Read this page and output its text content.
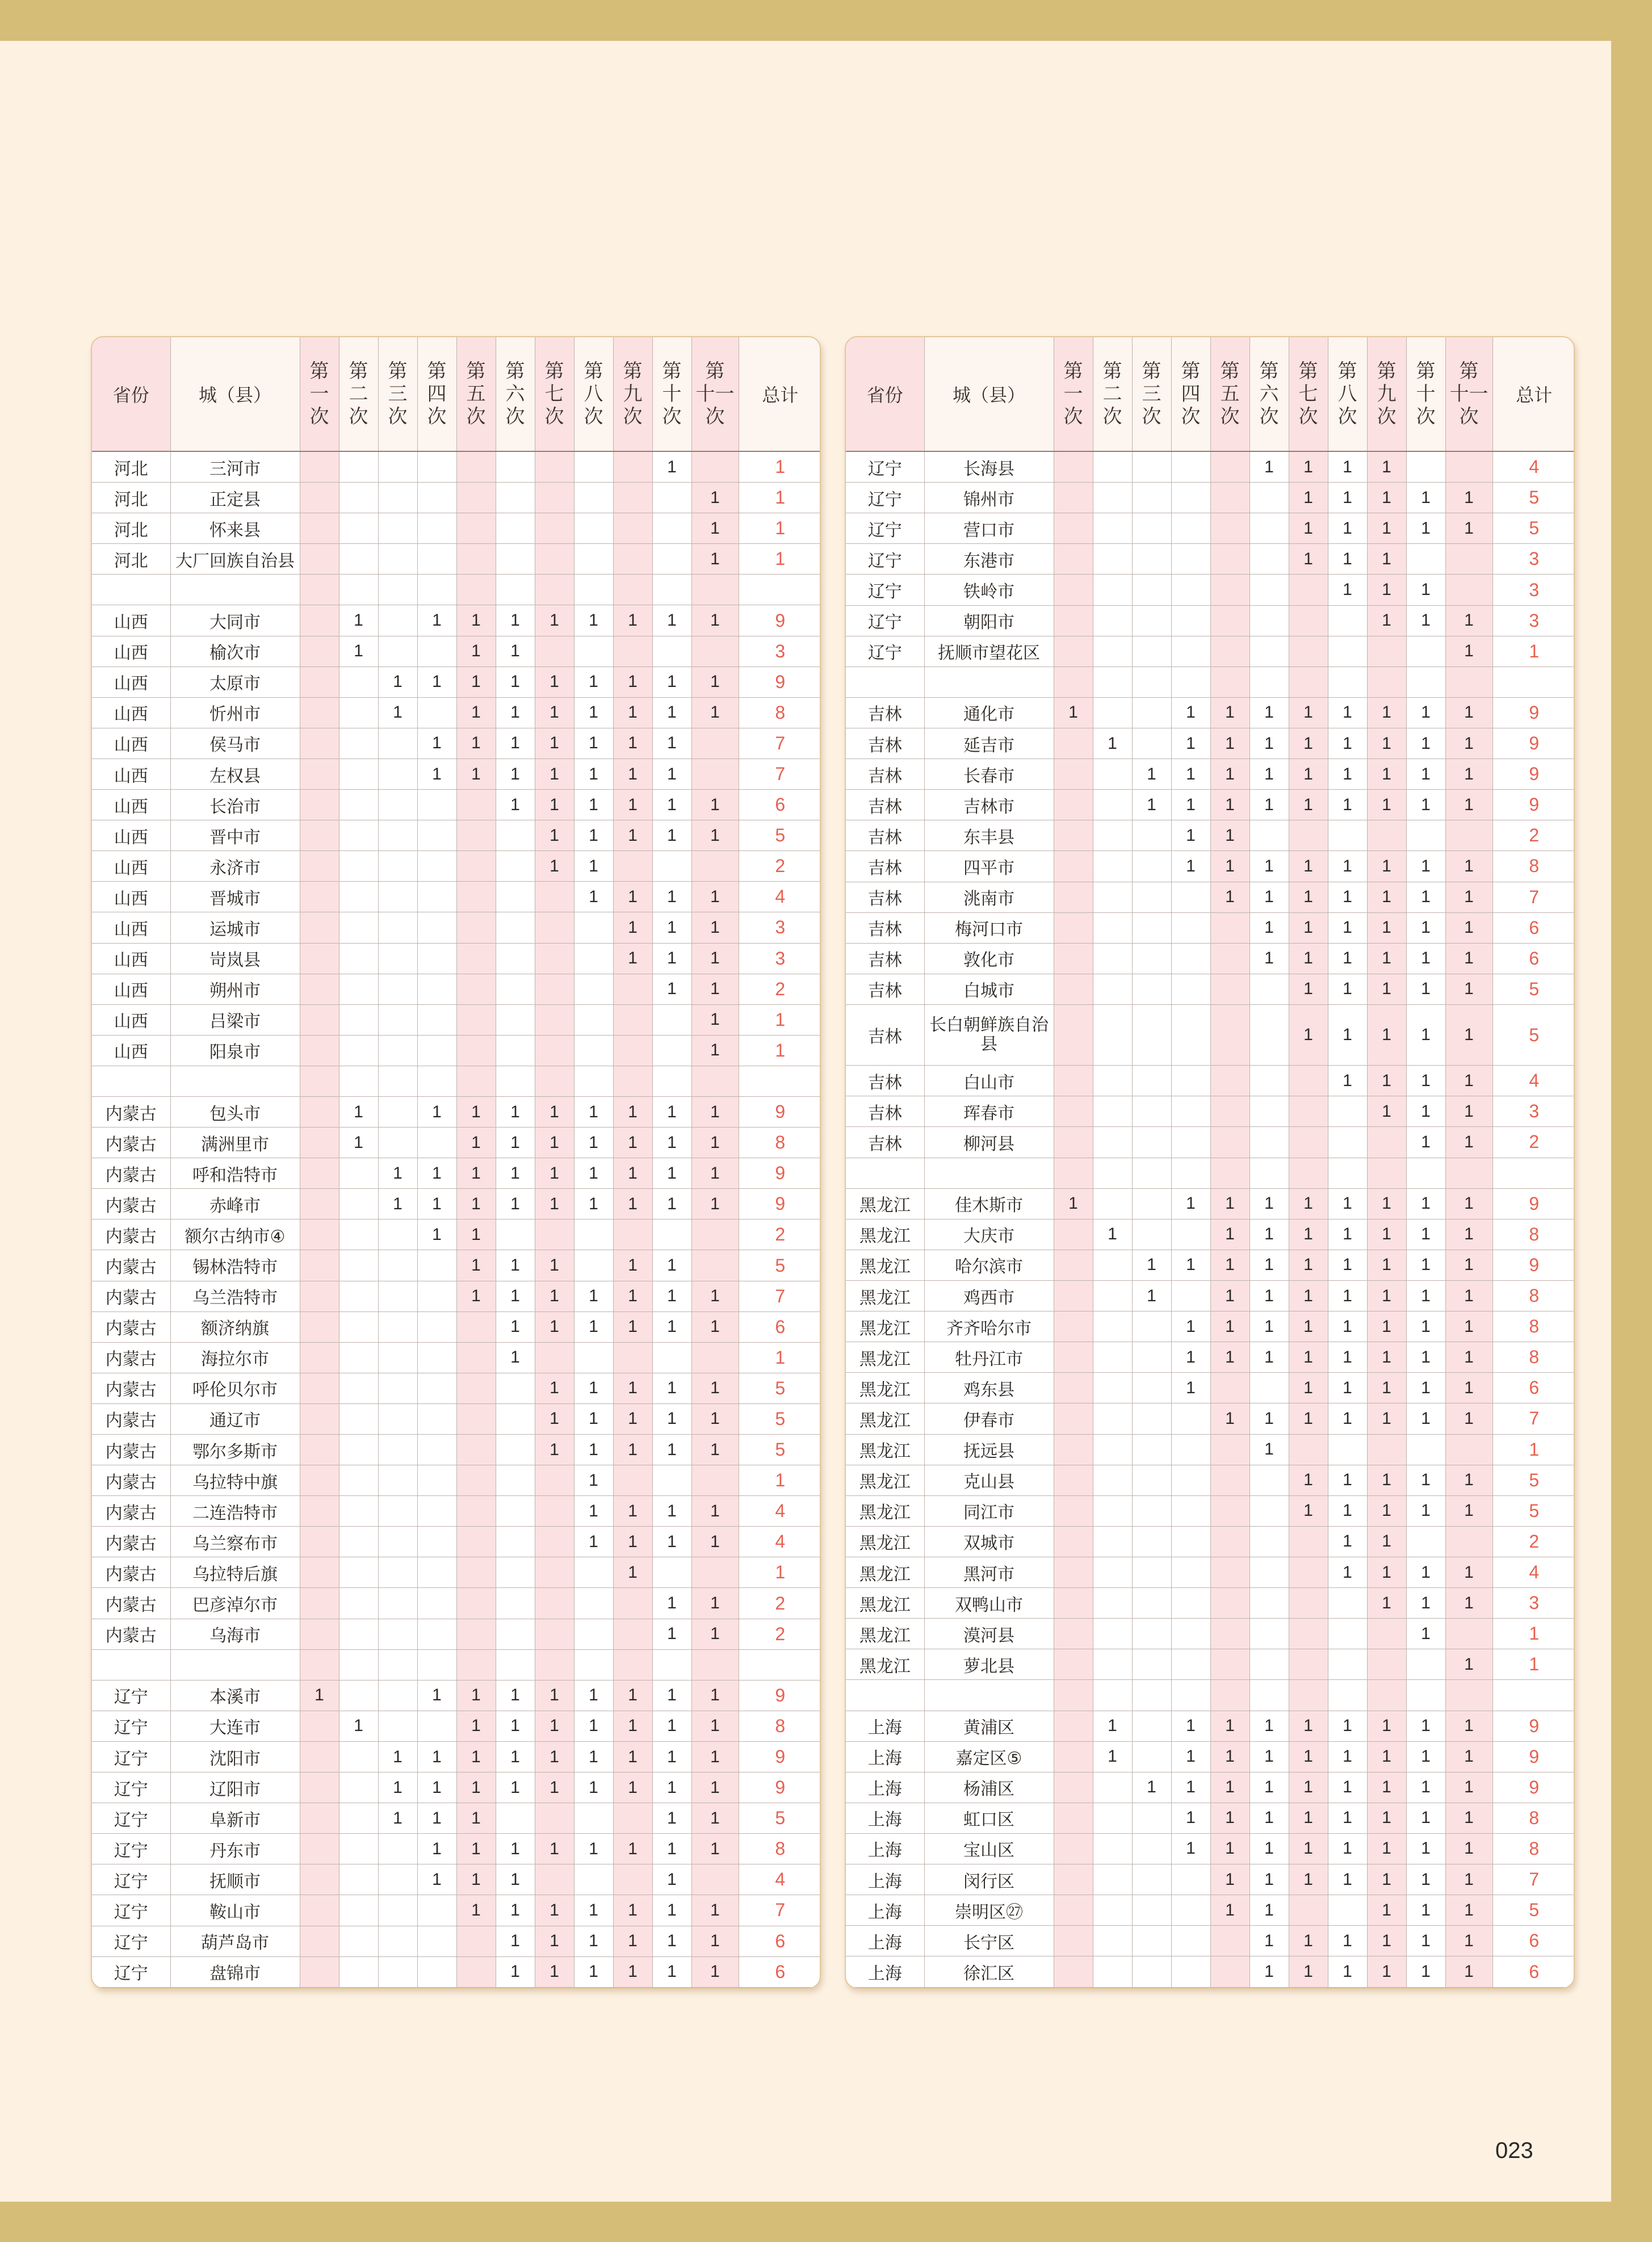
省份	城（县）	第
一
次	第
二
次	第
三
次	第
四
次	第
五
次	第
六
次	第
七
次	第
八
次	第
九
次	第
十
次	第
十一
次	总计
河北	三河市										1		1
河北	正定县											1	1
河北	怀来县											1	1
河北	大厂回族自治县											1	1

山西	大同市		1		1	1	1	1	1	1	1	1	9
山西	榆次市		1			1	1						3
山西	太原市			1	1	1	1	1	1	1	1	1	9
山西	忻州市			1		1	1	1	1	1	1	1	8
山西	侯马市				1	1	1	1	1	1	1		7
山西	左权县				1	1	1	1	1	1	1		7
山西	长治市						1	1	1	1	1	1	6
山西	晋中市							1	1	1	1	1	5
山西	永济市							1	1				2
山西	晋城市								1	1	1	1	4
山西	运城市									1	1	1	3
山西	岢岚县									1	1	1	3
山西	朔州市										1	1	2
山西	吕梁市											1	1
山西	阳泉市											1	1

内蒙古	包头市		1		1	1	1	1	1	1	1	1	9
内蒙古	满洲里市		1			1	1	1	1	1	1	1	8
内蒙古	呼和浩特市			1	1	1	1	1	1	1	1	1	9
内蒙古	赤峰市			1	1	1	1	1	1	1	1	1	9
内蒙古	额尔古纳市④				1	1							2
内蒙古	锡林浩特市					1	1	1		1	1		5
内蒙古	乌兰浩特市					1	1	1	1	1	1	1	7
内蒙古	额济纳旗						1	1	1	1	1	1	6
内蒙古	海拉尔市						1						1
内蒙古	呼伦贝尔市							1	1	1	1	1	5
内蒙古	通辽市							1	1	1	1	1	5
内蒙古	鄂尔多斯市							1	1	1	1	1	5
内蒙古	乌拉特中旗								1				1
内蒙古	二连浩特市								1	1	1	1	4
内蒙古	乌兰察布市								1	1	1	1	4
内蒙古	乌拉特后旗									1			1
内蒙古	巴彦淖尔市										1	1	2
内蒙古	乌海市										1	1	2

辽宁	本溪市	1			1	1	1	1	1	1	1	1	9
辽宁	大连市		1			1	1	1	1	1	1	1	8
辽宁	沈阳市			1	1	1	1	1	1	1	1	1	9
辽宁	辽阳市			1	1	1	1	1	1	1	1	1	9
辽宁	阜新市			1	1	1					1	1	5
辽宁	丹东市				1	1	1	1	1	1	1	1	8
辽宁	抚顺市				1	1	1				1		4
辽宁	鞍山市					1	1	1	1	1	1	1	7
辽宁	葫芦岛市						1	1	1	1	1	1	6
辽宁	盘锦市						1	1	1	1	1	1	6
省份	城（县）	第
一
次	第
二
次	第
三
次	第
四
次	第
五
次	第
六
次	第
七
次	第
八
次	第
九
次	第
十
次	第
十一
次	总计
辽宁	长海县						1	1	1	1			4
辽宁	锦州市							1	1	1	1	1	5
辽宁	营口市							1	1	1	1	1	5
辽宁	东港市							1	1	1			3
辽宁	铁岭市								1	1	1		3
辽宁	朝阳市									1	1	1	3
辽宁	抚顺市望花区											1	1

吉林	通化市	1			1	1	1	1	1	1	1	1	9
吉林	延吉市		1		1	1	1	1	1	1	1	1	9
吉林	长春市			1	1	1	1	1	1	1	1	1	9
吉林	吉林市			1	1	1	1	1	1	1	1	1	9
吉林	东丰县				1	1							2
吉林	四平市				1	1	1	1	1	1	1	1	8
吉林	洮南市					1	1	1	1	1	1	1	7
吉林	梅河口市						1	1	1	1	1	1	6
吉林	敦化市						1	1	1	1	1	1	6
吉林	白城市							1	1	1	1	1	5
吉林	长白朝鲜族自治县							1	1	1	1	1	5
吉林	白山市								1	1	1	1	4
吉林	珲春市									1	1	1	3
吉林	柳河县										1	1	2

黑龙江	佳木斯市	1			1	1	1	1	1	1	1	1	9
黑龙江	大庆市		1			1	1	1	1	1	1	1	8
黑龙江	哈尔滨市			1	1	1	1	1	1	1	1	1	9
黑龙江	鸡西市			1		1	1	1	1	1	1	1	8
黑龙江	齐齐哈尔市				1	1	1	1	1	1	1	1	8
黑龙江	牡丹江市				1	1	1	1	1	1	1	1	8
黑龙江	鸡东县				1			1	1	1	1	1	6
黑龙江	伊春市					1	1	1	1	1	1	1	7
黑龙江	抚远县						1						1
黑龙江	克山县							1	1	1	1	1	5
黑龙江	同江市							1	1	1	1	1	5
黑龙江	双城市								1	1			2
黑龙江	黑河市								1	1	1	1	4
黑龙江	双鸭山市									1	1	1	3
黑龙江	漠河县										1		1
黑龙江	萝北县											1	1

上海	黄浦区		1		1	1	1	1	1	1	1	1	9
上海	嘉定区⑤		1		1	1	1	1	1	1	1	1	9
上海	杨浦区			1	1	1	1	1	1	1	1	1	9
上海	虹口区				1	1	1	1	1	1	1	1	8
上海	宝山区				1	1	1	1	1	1	1	1	8
上海	闵行区					1	1	1	1	1	1	1	7
上海	崇明区㉗					1	1			1	1	1	5
上海	长宁区						1	1	1	1	1	1	6
上海	徐汇区						1	1	1	1	1	1	6
023
